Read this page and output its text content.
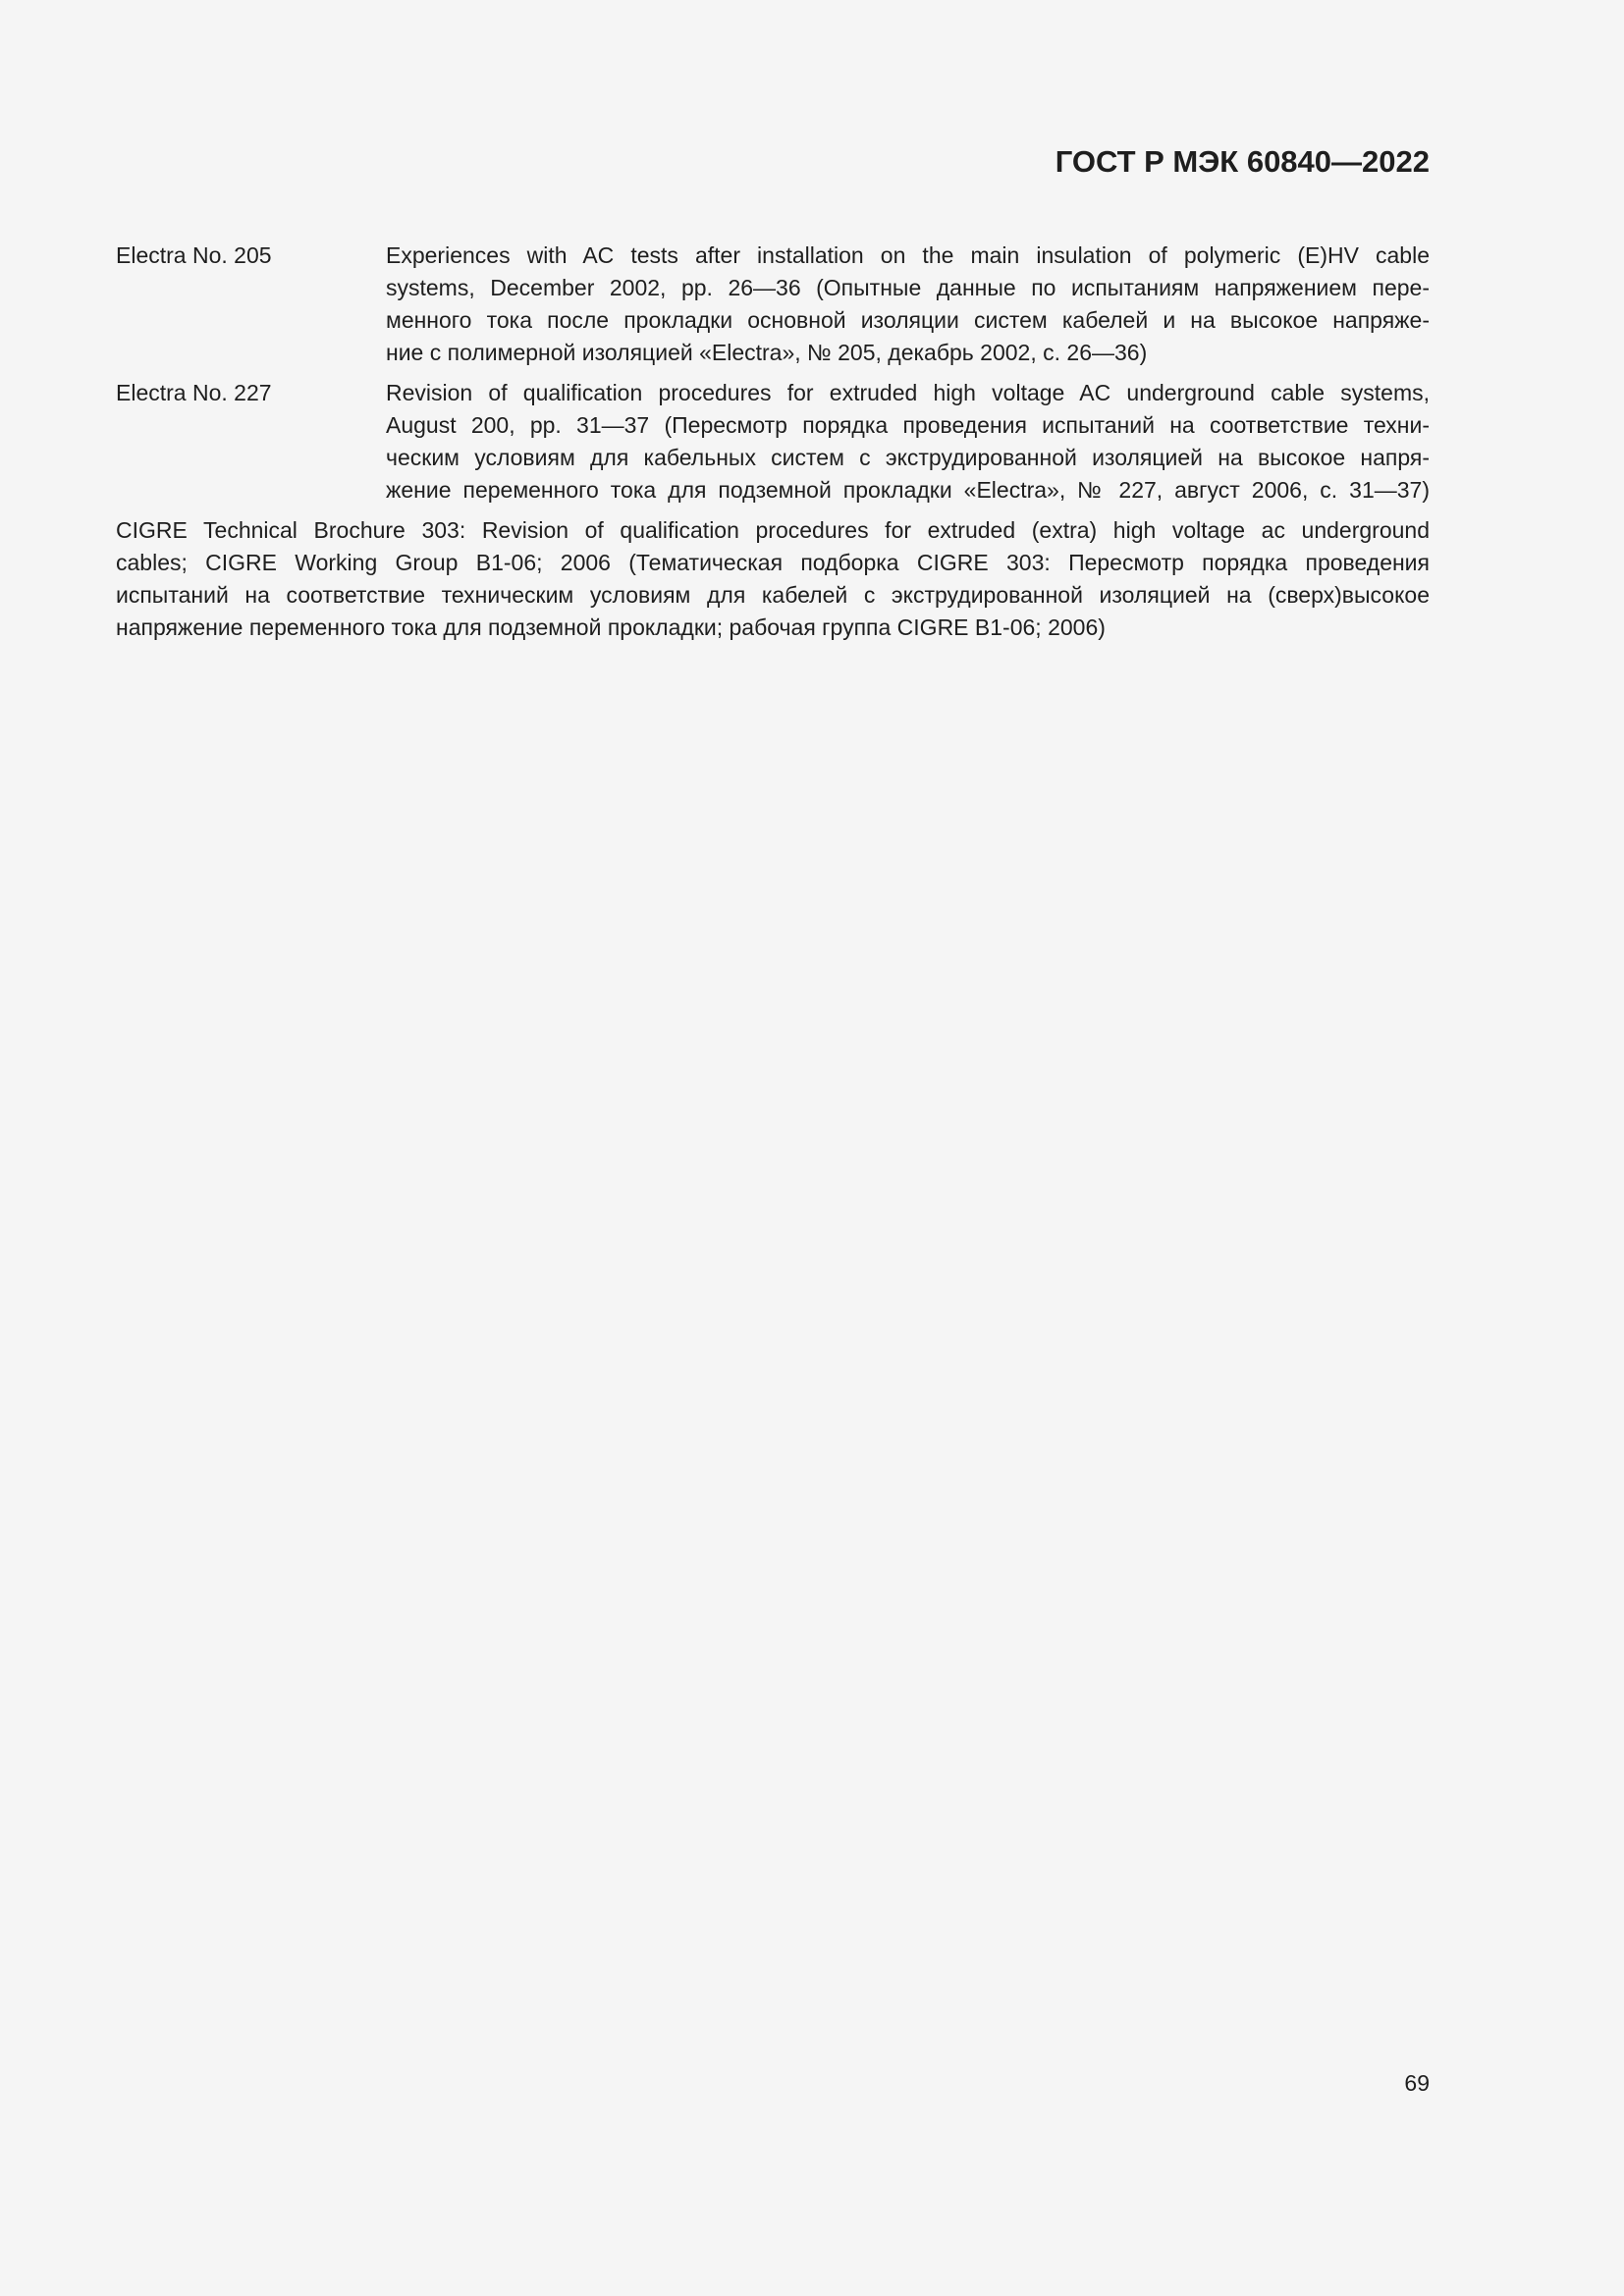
ГОСТ Р МЭК 60840—2022
Electra No. 205	Experiences with AC tests after installation on the main insulation of polymeric (E)HV cable
systems, December 2002, pp. 26—36 (Опытные данные по испытаниям напряжением пере-
менного тока после прокладки основной изоляции систем кабелей и на высокое напряже-
ние с полимерной изоляцией «Electra», № 205, декабрь 2002, с. 26—36)
Electra No. 227	Revision of qualification procedures for extruded high voltage AC underground cable systems,
August 200, pp. 31—37 (Пересмотр порядка проведения испытаний на соответствие техни-
ческим условиям для кабельных систем с экструдированной изоляцией на высокое напря-
жение переменного тока для подземной прокладки «Electra», № 227, август 2006, с. 31—37)
CIGRE Technical Brochure 303: Revision of qualification procedures for extruded (extra) high voltage ac underground
cables; CIGRE Working Group B1-06; 2006 (Тематическая подборка CIGRE 303: Пересмотр порядка проведения
испытаний на соответствие техническим условиям для кабелей с экструдированной изоляцией на (сверх)высокое
напряжение переменного тока для подземной прокладки; рабочая группа CIGRE B1-06; 2006)
69
